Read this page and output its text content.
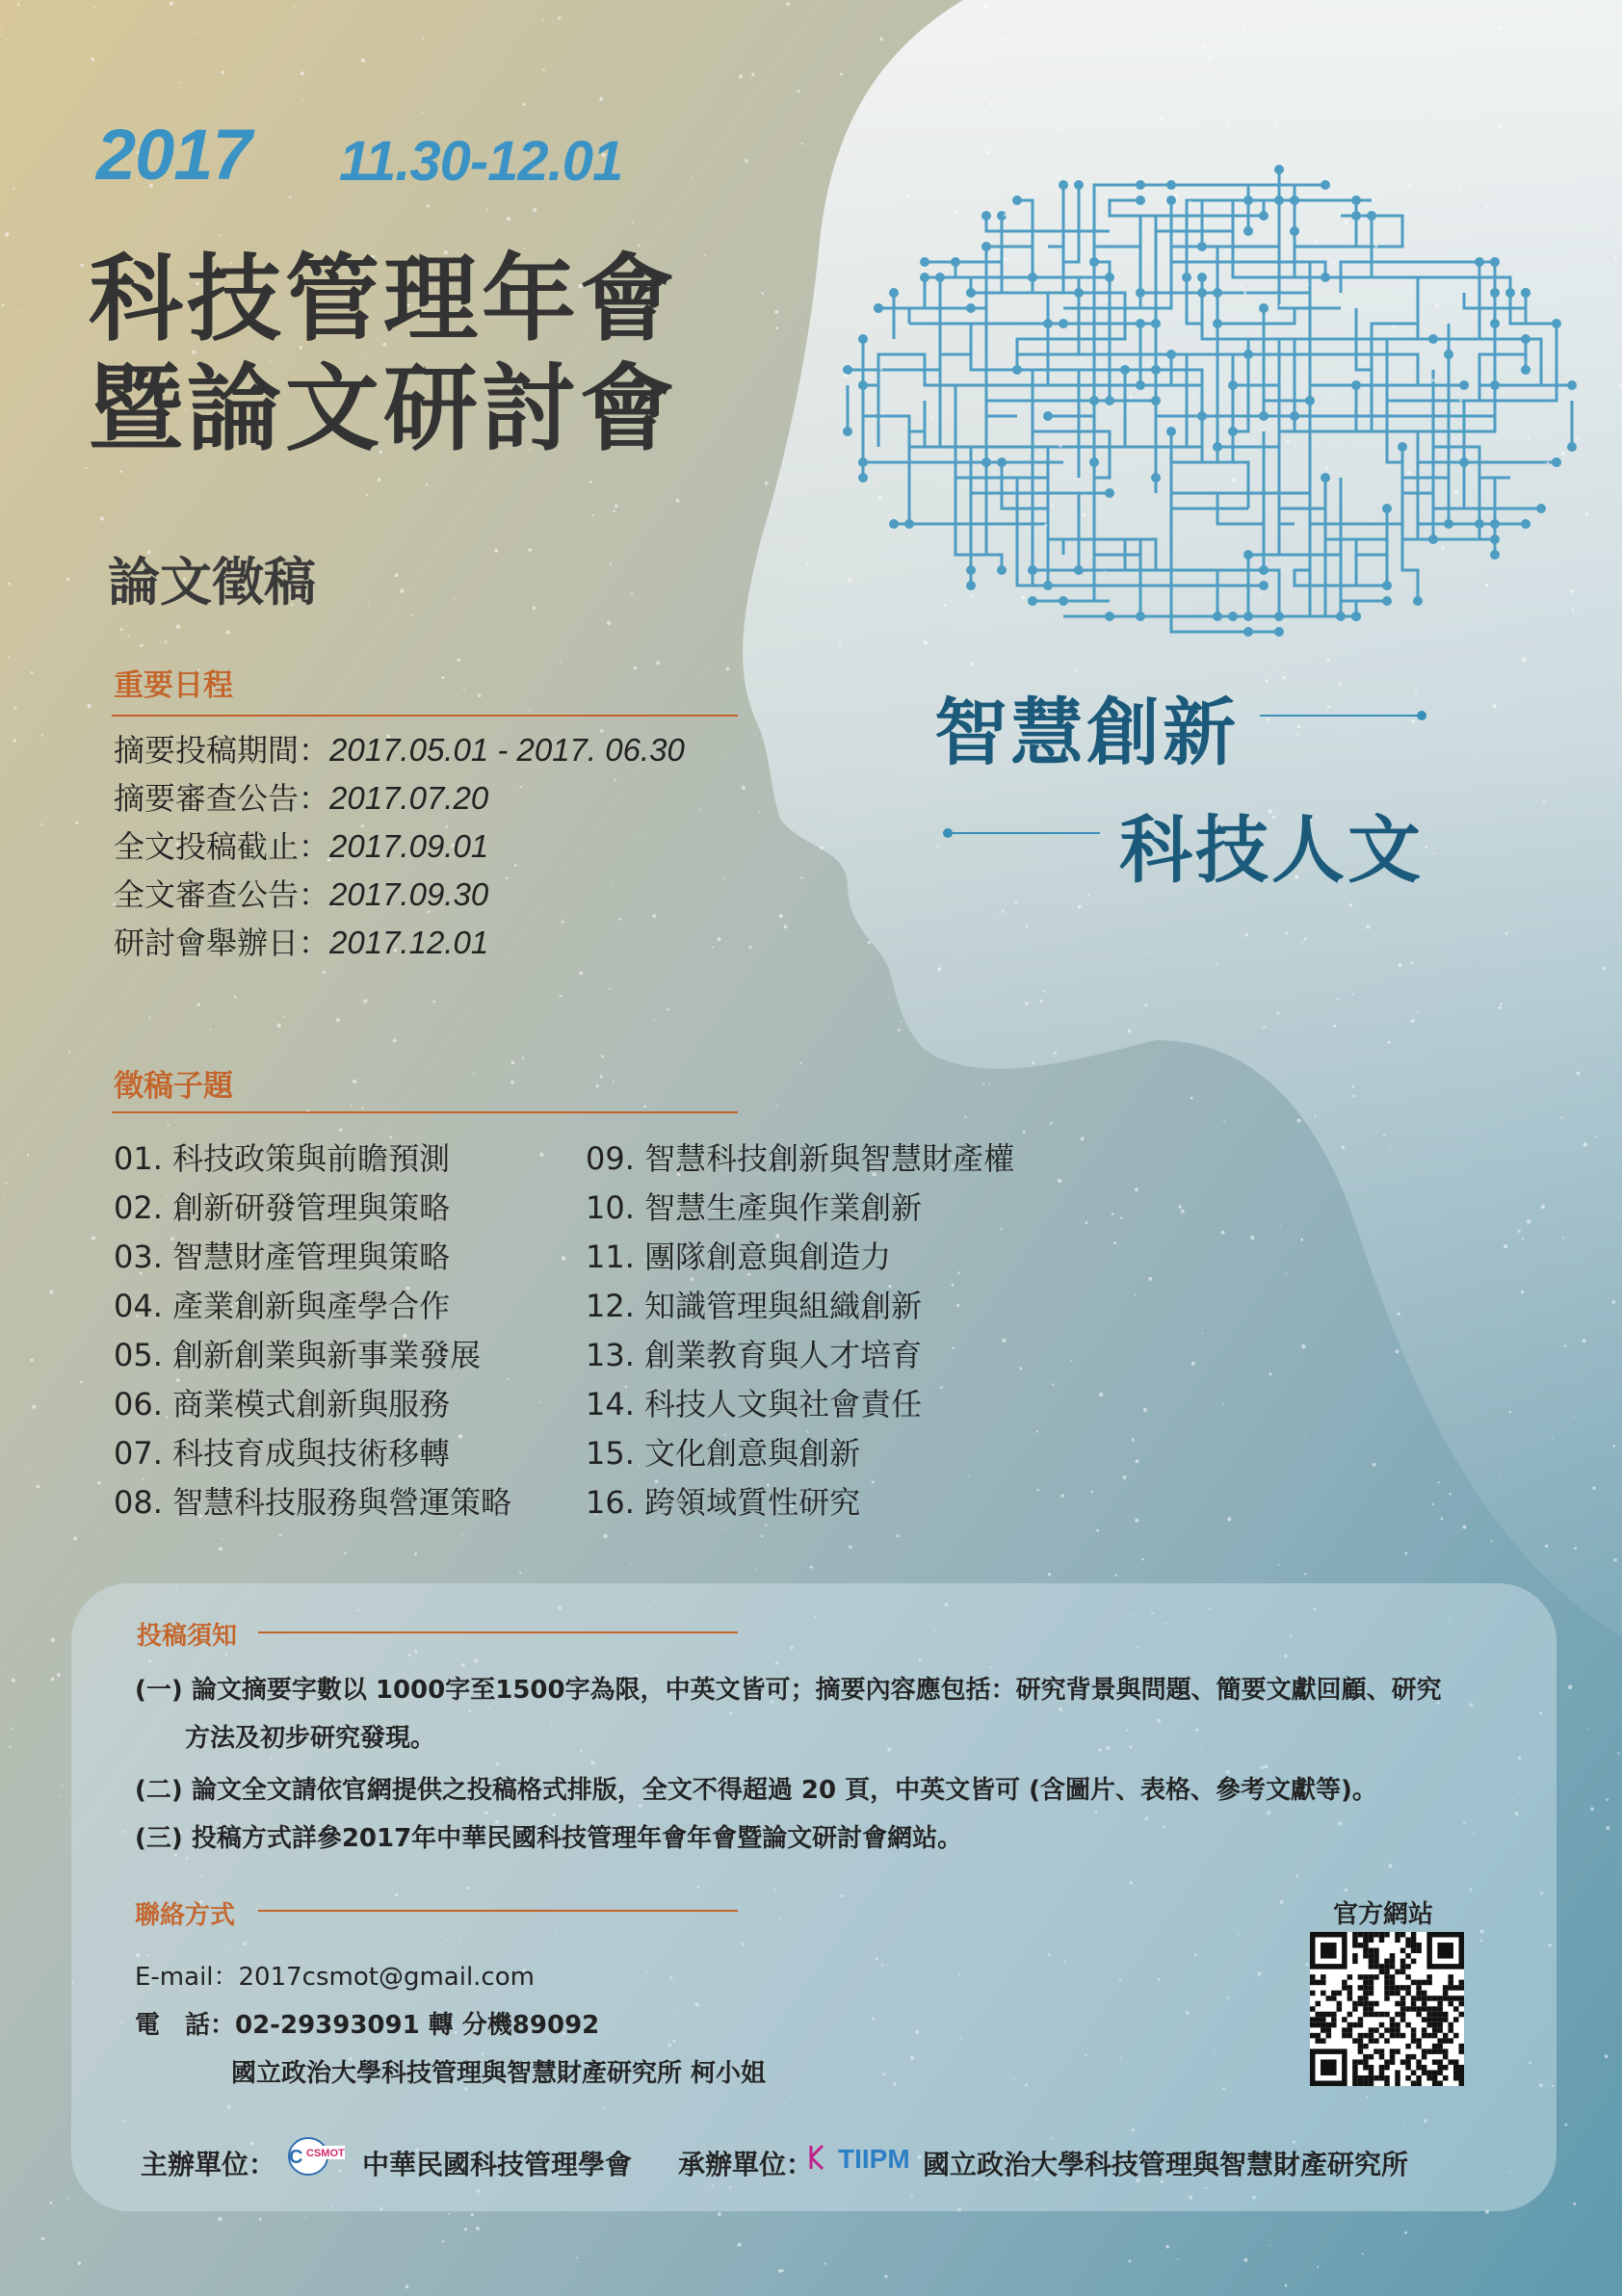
2017 11.30-12.01
科技管理年會
暨論文研討會
論文徵稿
重要日程
摘要投稿期間：2017.05.01 - 2017. 06.30
摘要審查公告：2017.07.20
全文投稿截止：2017.09.01
全文審查公告：2017.09.30
研討會舉辦日：2017.12.01
智慧創新
科技人文
徵稿子題
01. 科技政策與前瞻預測
02. 創新研發管理與策略
03. 智慧財產管理與策略
04. 產業創新與產學合作
05. 創新創業與新事業發展
06. 商業模式創新與服務
07. 科技育成與技術移轉
08. 智慧科技服務與營運策略
09. 智慧科技創新與智慧財產權
10. 智慧生產與作業創新
11. 團隊創意與創造力
12. 知識管理與組織創新
13. 創業教育與人才培育
14. 科技人文與社會責任
15. 文化創意與創新
16. 跨領域質性研究
投稿須知
(一) 論文摘要字數以 1000字至1500字為限，中英文皆可；摘要內容應包括：研究背景與問題、簡要文獻回顧、研究
方法及初步研究發現。
(二) 論文全文請依官網提供之投稿格式排版，全文不得超過 20 頁，中英文皆可 (含圖片、表格、參考文獻等)。
(三) 投稿方式詳參2017年中華民國科技管理年會年會暨論文研討會網站。
聯絡方式
E-mail：2017csmot@gmail.com
電　話：02-29393091 轉 分機89092
國立政治大學科技管理與智慧財產研究所 柯小姐
官方網站
主辦單位： C CSMOT 中華民國科技管理學會 承辦單位： TIIPM 國立政治大學科技管理與智慧財產研究所
